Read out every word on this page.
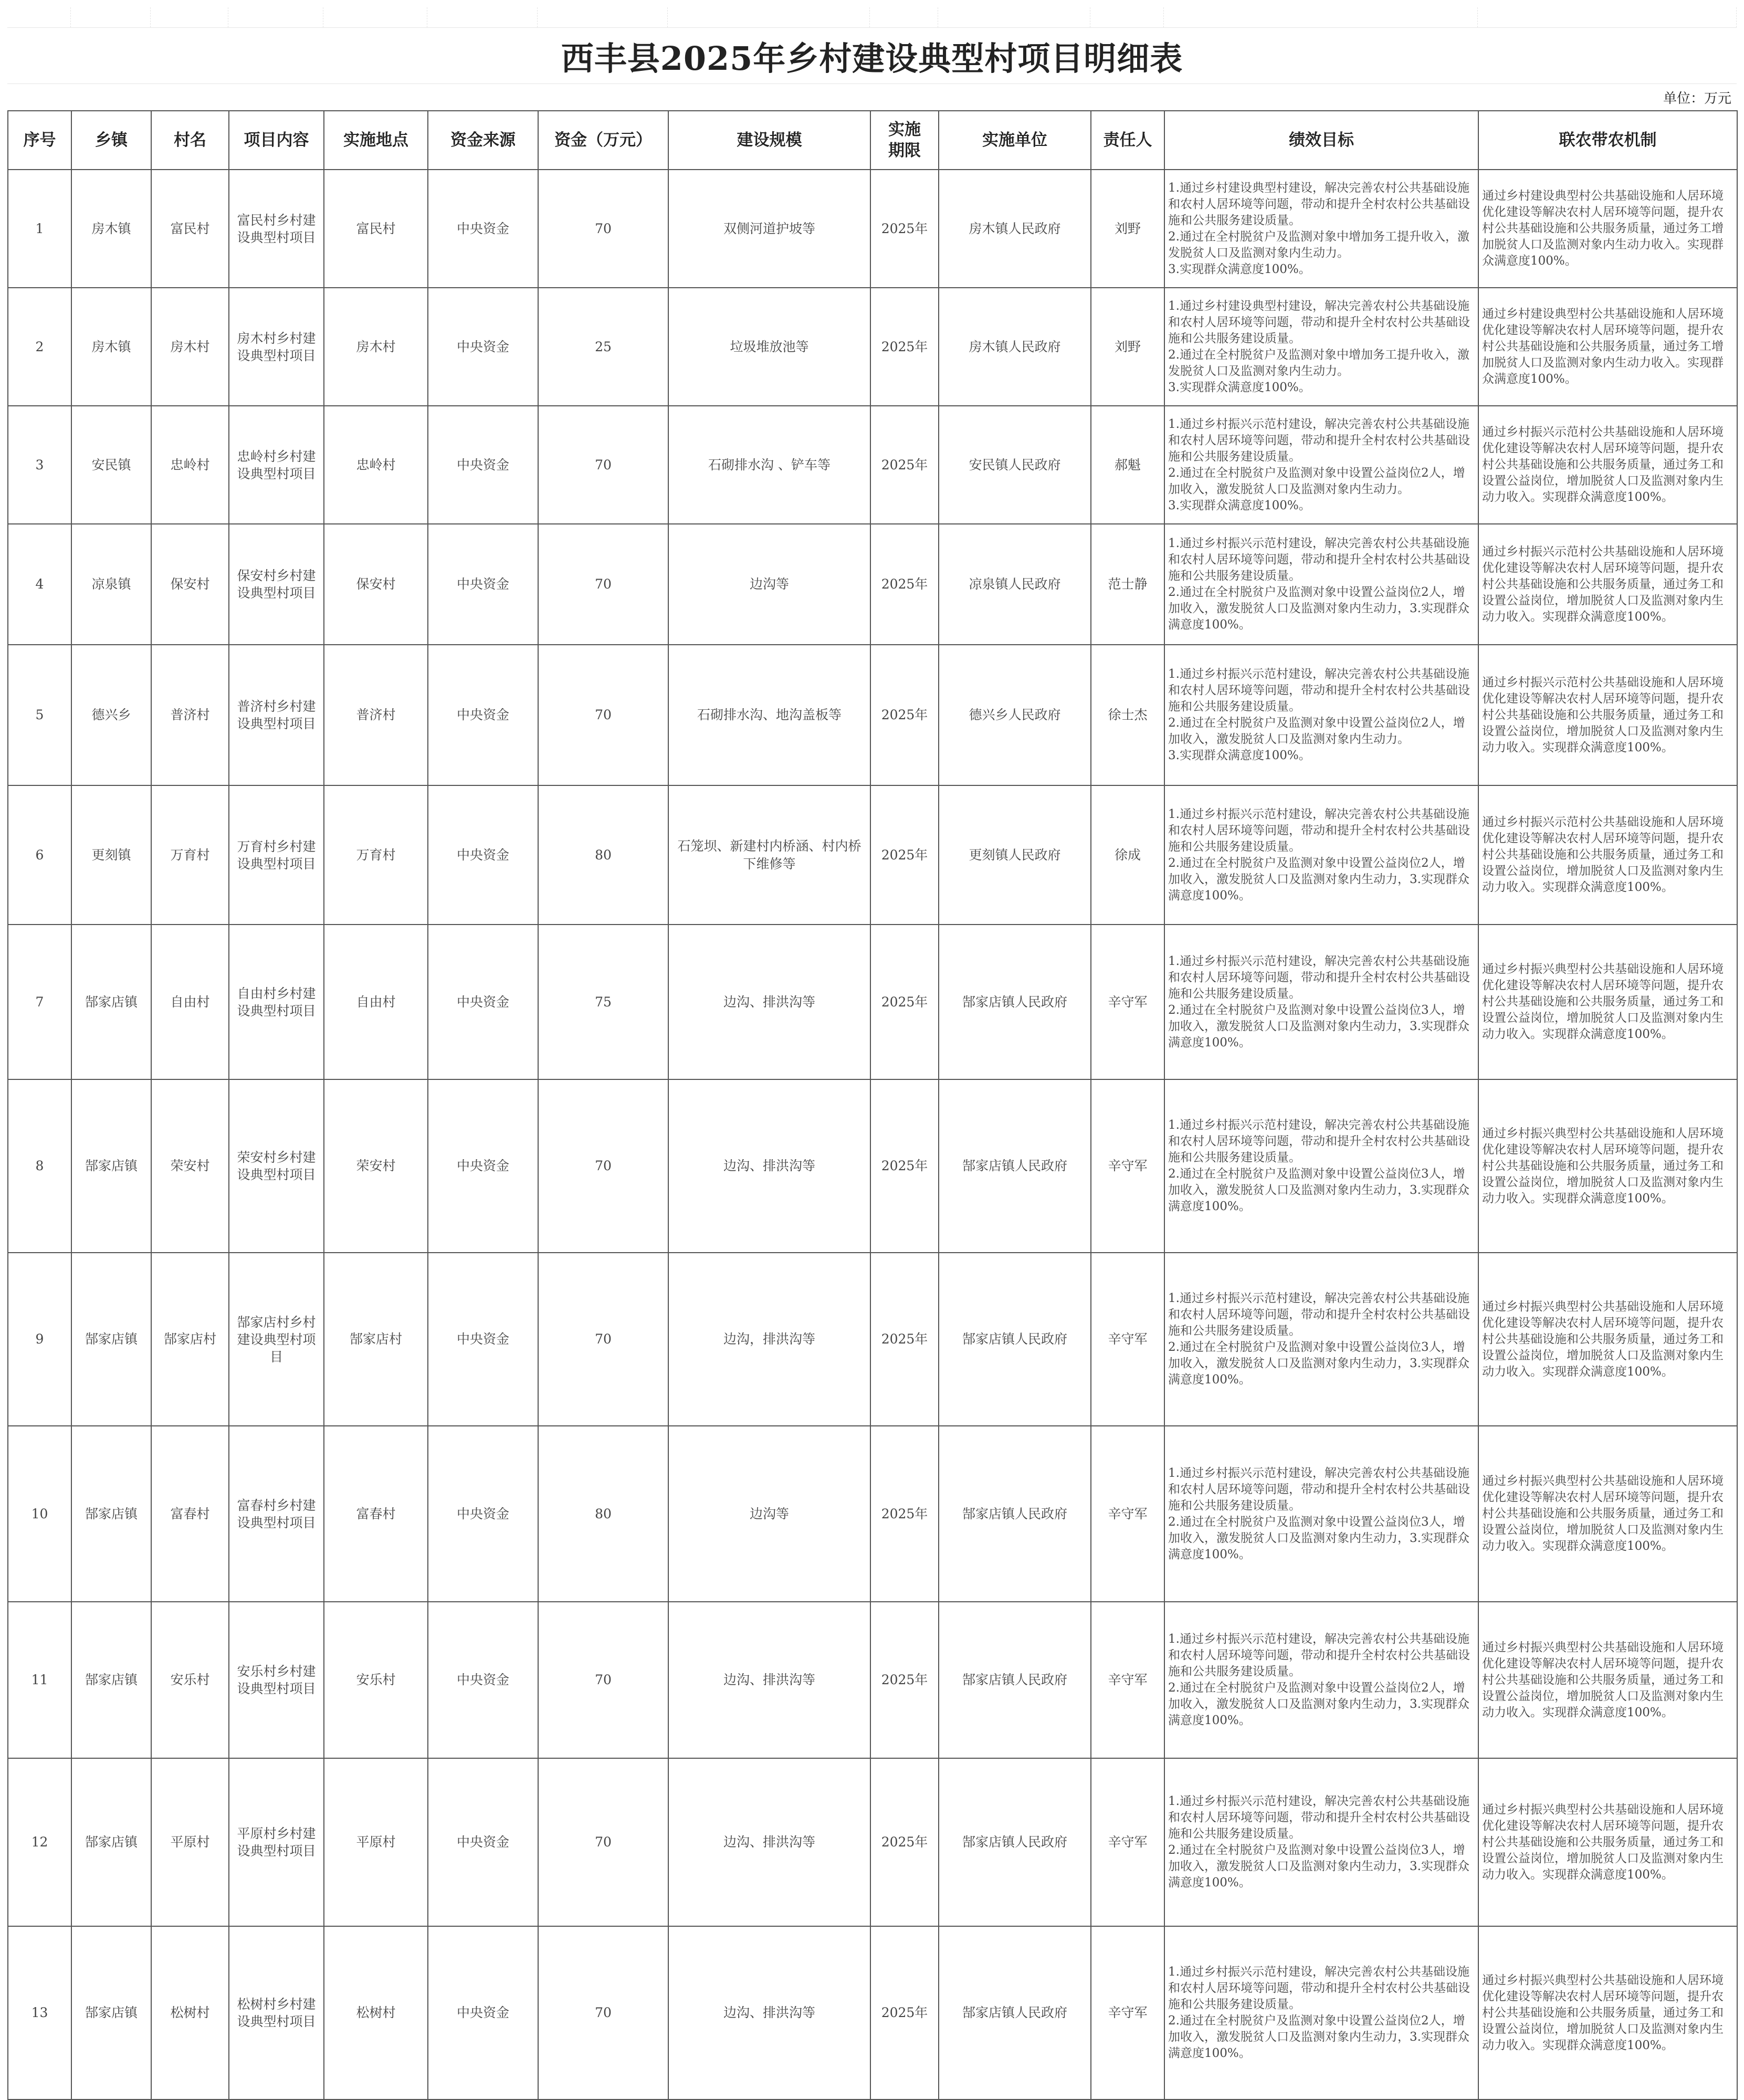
西丰县2025年乡村建设典型村项目明细表
单位：万元
序号	乡镇	村名	项目内容	实施地点	资金来源	资金（万元）	建设规模	实施
期限	实施单位	责任人	绩效目标	联农带农机制
1	房木镇	富民村	富民村乡村建设典型村项目	富民村	中央资金	70	双侧河道护坡等	2025年	房木镇人民政府	刘野	1.通过乡村建设典型村建设，解决完善农村公共基础设施和农村人居环境等问题，带动和提升全村农村公共基础设施和公共服务建设质量。
2.通过在全村脱贫户及监测对象中增加务工提升收入，激发脱贫人口及监测对象内生动力。
3.实现群众满意度100%。	通过乡村建设典型村公共基础设施和人居环境优化建设等解决农村人居环境等问题，提升农村公共基础设施和公共服务质量，通过务工增加脱贫人口及监测对象内生动力收入。实现群众满意度100%。
2	房木镇	房木村	房木村乡村建设典型村项目	房木村	中央资金	25	垃圾堆放池等	2025年	房木镇人民政府	刘野	1.通过乡村建设典型村建设，解决完善农村公共基础设施和农村人居环境等问题，带动和提升全村农村公共基础设施和公共服务建设质量。
2.通过在全村脱贫户及监测对象中增加务工提升收入，激发脱贫人口及监测对象内生动力。
3.实现群众满意度100%。	通过乡村建设典型村公共基础设施和人居环境优化建设等解决农村人居环境等问题，提升农村公共基础设施和公共服务质量，通过务工增加脱贫人口及监测对象内生动力收入。实现群众满意度100%。
3	安民镇	忠岭村	忠岭村乡村建设典型村项目	忠岭村	中央资金	70	石砌排水沟 、铲车等	2025年	安民镇人民政府	郝魁	1.通过乡村振兴示范村建设，解决完善农村公共基础设施和农村人居环境等问题，带动和提升全村农村公共基础设施和公共服务建设质量。
2.通过在全村脱贫户及监测对象中设置公益岗位2人，增加收入，激发脱贫人口及监测对象内生动力。
3.实现群众满意度100%。	通过乡村振兴示范村公共基础设施和人居环境优化建设等解决农村人居环境等问题，提升农村公共基础设施和公共服务质量，通过务工和设置公益岗位，增加脱贫人口及监测对象内生动力收入。实现群众满意度100%。
4	凉泉镇	保安村	保安村乡村建设典型村项目	保安村	中央资金	70	边沟等	2025年	凉泉镇人民政府	范士静	1.通过乡村振兴示范村建设，解决完善农村公共基础设施和农村人居环境等问题，带动和提升全村农村公共基础设施和公共服务建设质量。
2.通过在全村脱贫户及监测对象中设置公益岗位2人，增加收入，激发脱贫人口及监测对象内生动力，3.实现群众满意度100%。	通过乡村振兴示范村公共基础设施和人居环境优化建设等解决农村人居环境等问题，提升农村公共基础设施和公共服务质量，通过务工和设置公益岗位，增加脱贫人口及监测对象内生动力收入。实现群众满意度100%。
5	德兴乡	普济村	普济村乡村建设典型村项目	普济村	中央资金	70	石砌排水沟、地沟盖板等	2025年	德兴乡人民政府	徐士杰	1.通过乡村振兴示范村建设，解决完善农村公共基础设施和农村人居环境等问题，带动和提升全村农村公共基础设施和公共服务建设质量。
2.通过在全村脱贫户及监测对象中设置公益岗位2人，增加收入，激发脱贫人口及监测对象内生动力。
3.实现群众满意度100%。	通过乡村振兴示范村公共基础设施和人居环境优化建设等解决农村人居环境等问题，提升农村公共基础设施和公共服务质量，通过务工和设置公益岗位，增加脱贫人口及监测对象内生动力收入。实现群众满意度100%。
6	更刻镇	万育村	万育村乡村建设典型村项目	万育村	中央资金	80	石笼坝、新建村内桥涵、村内桥下维修等	2025年	更刻镇人民政府	徐成	1.通过乡村振兴示范村建设，解决完善农村公共基础设施和农村人居环境等问题，带动和提升全村农村公共基础设施和公共服务建设质量。
2.通过在全村脱贫户及监测对象中设置公益岗位2人，增加收入，激发脱贫人口及监测对象内生动力，3.实现群众满意度100%。	通过乡村振兴示范村公共基础设施和人居环境优化建设等解决农村人居环境等问题，提升农村公共基础设施和公共服务质量，通过务工和设置公益岗位，增加脱贫人口及监测对象内生动力收入。实现群众满意度100%。
7	郜家店镇	自由村	自由村乡村建设典型村项目	自由村	中央资金	75	边沟、排洪沟等	2025年	郜家店镇人民政府	辛守军	1.通过乡村振兴示范村建设，解决完善农村公共基础设施和农村人居环境等问题，带动和提升全村农村公共基础设施和公共服务建设质量。
2.通过在全村脱贫户及监测对象中设置公益岗位3人，增加收入，激发脱贫人口及监测对象内生动力，3.实现群众满意度100%。	通过乡村振兴典型村公共基础设施和人居环境优化建设等解决农村人居环境等问题，提升农村公共基础设施和公共服务质量，通过务工和设置公益岗位，增加脱贫人口及监测对象内生动力收入。实现群众满意度100%。
8	郜家店镇	荣安村	荣安村乡村建设典型村项目	荣安村	中央资金	70	边沟、排洪沟等	2025年	郜家店镇人民政府	辛守军	1.通过乡村振兴示范村建设，解决完善农村公共基础设施和农村人居环境等问题，带动和提升全村农村公共基础设施和公共服务建设质量。
2.通过在全村脱贫户及监测对象中设置公益岗位3人，增加收入，激发脱贫人口及监测对象内生动力，3.实现群众满意度100%。	通过乡村振兴典型村公共基础设施和人居环境优化建设等解决农村人居环境等问题，提升农村公共基础设施和公共服务质量，通过务工和设置公益岗位，增加脱贫人口及监测对象内生动力收入。实现群众满意度100%。
9	郜家店镇	郜家店村	郜家店村乡村建设典型村项目	郜家店村	中央资金	70	边沟，排洪沟等	2025年	郜家店镇人民政府	辛守军	1.通过乡村振兴示范村建设，解决完善农村公共基础设施和农村人居环境等问题，带动和提升全村农村公共基础设施和公共服务建设质量。
2.通过在全村脱贫户及监测对象中设置公益岗位3人，增加收入，激发脱贫人口及监测对象内生动力，3.实现群众满意度100%。	通过乡村振兴典型村公共基础设施和人居环境优化建设等解决农村人居环境等问题，提升农村公共基础设施和公共服务质量，通过务工和设置公益岗位，增加脱贫人口及监测对象内生动力收入。实现群众满意度100%。
10	郜家店镇	富春村	富春村乡村建设典型村项目	富春村	中央资金	80	边沟等	2025年	郜家店镇人民政府	辛守军	1.通过乡村振兴示范村建设，解决完善农村公共基础设施和农村人居环境等问题，带动和提升全村农村公共基础设施和公共服务建设质量。
2.通过在全村脱贫户及监测对象中设置公益岗位3人，增加收入，激发脱贫人口及监测对象内生动力，3.实现群众满意度100%。	通过乡村振兴典型村公共基础设施和人居环境优化建设等解决农村人居环境等问题，提升农村公共基础设施和公共服务质量，通过务工和设置公益岗位，增加脱贫人口及监测对象内生动力收入。实现群众满意度100%。
11	郜家店镇	安乐村	安乐村乡村建设典型村项目	安乐村	中央资金	70	边沟、排洪沟等	2025年	郜家店镇人民政府	辛守军	1.通过乡村振兴示范村建设，解决完善农村公共基础设施和农村人居环境等问题，带动和提升全村农村公共基础设施和公共服务建设质量。
2.通过在全村脱贫户及监测对象中设置公益岗位2人，增加收入，激发脱贫人口及监测对象内生动力，3.实现群众满意度100%。	通过乡村振兴典型村公共基础设施和人居环境优化建设等解决农村人居环境等问题，提升农村公共基础设施和公共服务质量，通过务工和设置公益岗位，增加脱贫人口及监测对象内生动力收入。实现群众满意度100%。
12	郜家店镇	平原村	平原村乡村建设典型村项目	平原村	中央资金	70	边沟、排洪沟等	2025年	郜家店镇人民政府	辛守军	1.通过乡村振兴示范村建设，解决完善农村公共基础设施和农村人居环境等问题，带动和提升全村农村公共基础设施和公共服务建设质量。
2.通过在全村脱贫户及监测对象中设置公益岗位3人，增加收入，激发脱贫人口及监测对象内生动力，3.实现群众满意度100%。	通过乡村振兴典型村公共基础设施和人居环境优化建设等解决农村人居环境等问题，提升农村公共基础设施和公共服务质量，通过务工和设置公益岗位，增加脱贫人口及监测对象内生动力收入。实现群众满意度100%。
13	郜家店镇	松树村	松树村乡村建设典型村项目	松树村	中央资金	70	边沟、排洪沟等	2025年	郜家店镇人民政府	辛守军	1.通过乡村振兴示范村建设，解决完善农村公共基础设施和农村人居环境等问题，带动和提升全村农村公共基础设施和公共服务建设质量。
2.通过在全村脱贫户及监测对象中设置公益岗位2人，增加收入，激发脱贫人口及监测对象内生动力，3.实现群众满意度100%。	通过乡村振兴典型村公共基础设施和人居环境优化建设等解决农村人居环境等问题，提升农村公共基础设施和公共服务质量，通过务工和设置公益岗位，增加脱贫人口及监测对象内生动力收入。实现群众满意度100%。
